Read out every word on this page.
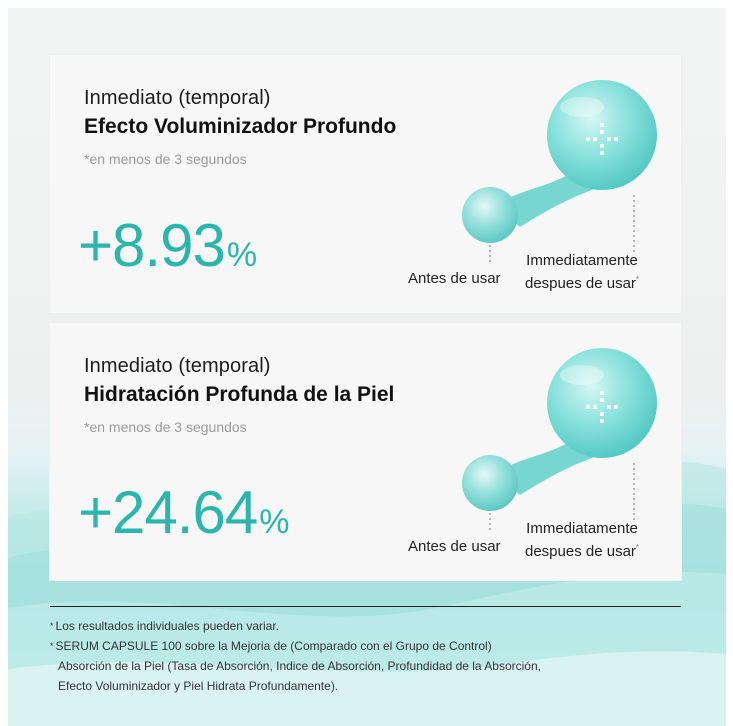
Inmediato (temporal)
Efecto Voluminizador Profundo
*en menos de 3 segundos
+8.93%
Antes de usar
Immediatamente
despues de usar*
Inmediato (temporal)
Hidratación Profunda de la Piel
*en menos de 3 segundos
+24.64%
Antes de usar
Immediatamente
despues de usar*
* Los resultados individuales pueden variar.
* SERUM CAPSULE 100 sobre la Mejoria de (Comparado con el Grupo de Control)
Absorción de la Piel (Tasa de Absorción, Indice de Absorción, Profundidad de la Absorción,
Efecto Voluminizador y Piel Hidrata Profundamente).
